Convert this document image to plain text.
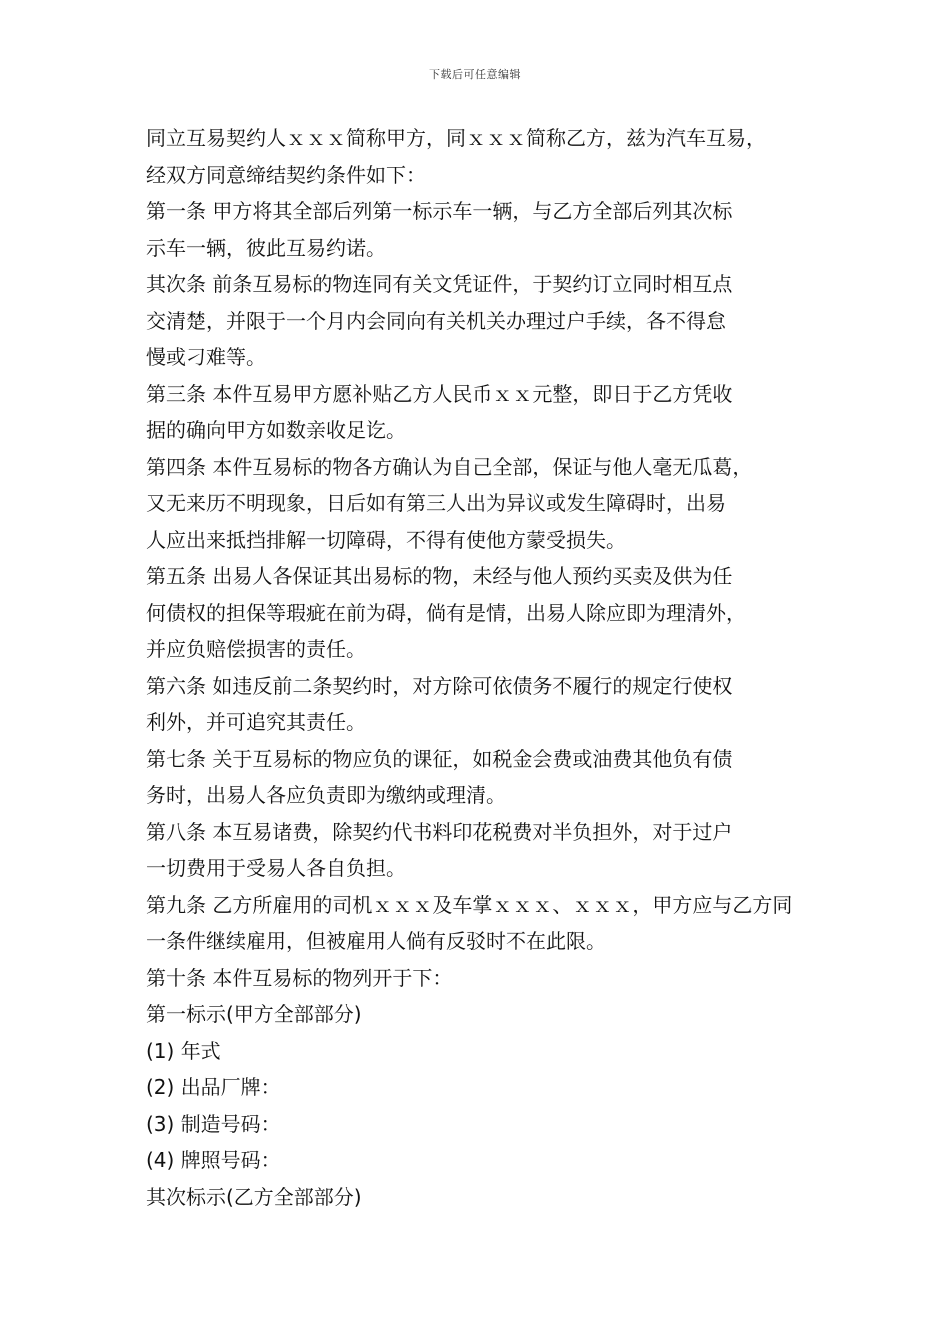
下载后可任意编辑

同立互易契约人ｘｘｘ简称甲方，同ｘｘｘ简称乙方，兹为汽车互易，

经双方同意缔结契约条件如下：

第一条 甲方将其全部后列第一标示车一辆，与乙方全部后列其次标

示车一辆，彼此互易约诺。

其次条 前条互易标的物连同有关文凭证件，于契约订立同时相互点

交清楚，并限于一个月内会同向有关机关办理过户手续，各不得怠

慢或刁难等。

第三条 本件互易甲方愿补贴乙方人民币ｘｘ元整，即日于乙方凭收

据的确向甲方如数亲收足讫。

第四条 本件互易标的物各方确认为自己全部，保证与他人毫无瓜葛，

又无来历不明现象，日后如有第三人出为异议或发生障碍时，出易

人应出来抵挡排解一切障碍，不得有使他方蒙受损失。

第五条 出易人各保证其出易标的物，未经与他人预约买卖及供为任

何债权的担保等瑕疵在前为碍，倘有是情，出易人除应即为理清外，

并应负赔偿损害的责任。

第六条 如违反前二条契约时，对方除可依债务不履行的规定行使权

利外，并可追究其责任。

第七条 关于互易标的物应负的课征，如税金会费或油费其他负有债

务时，出易人各应负责即为缴纳或理清。

第八条 本互易诸费，除契约代书料印花税费对半负担外，对于过户

一切费用于受易人各自负担。

第九条 乙方所雇用的司机ｘｘｘ及车掌ｘｘｘ、ｘｘｘ，甲方应与乙方同

一条件继续雇用，但被雇用人倘有反驳时不在此限。

第十条 本件互易标的物列开于下：

第一标示(甲方全部部分)

(1) 年式

(2) 出品厂牌：

(3) 制造号码：

(4) 牌照号码：

其次标示(乙方全部部分)
